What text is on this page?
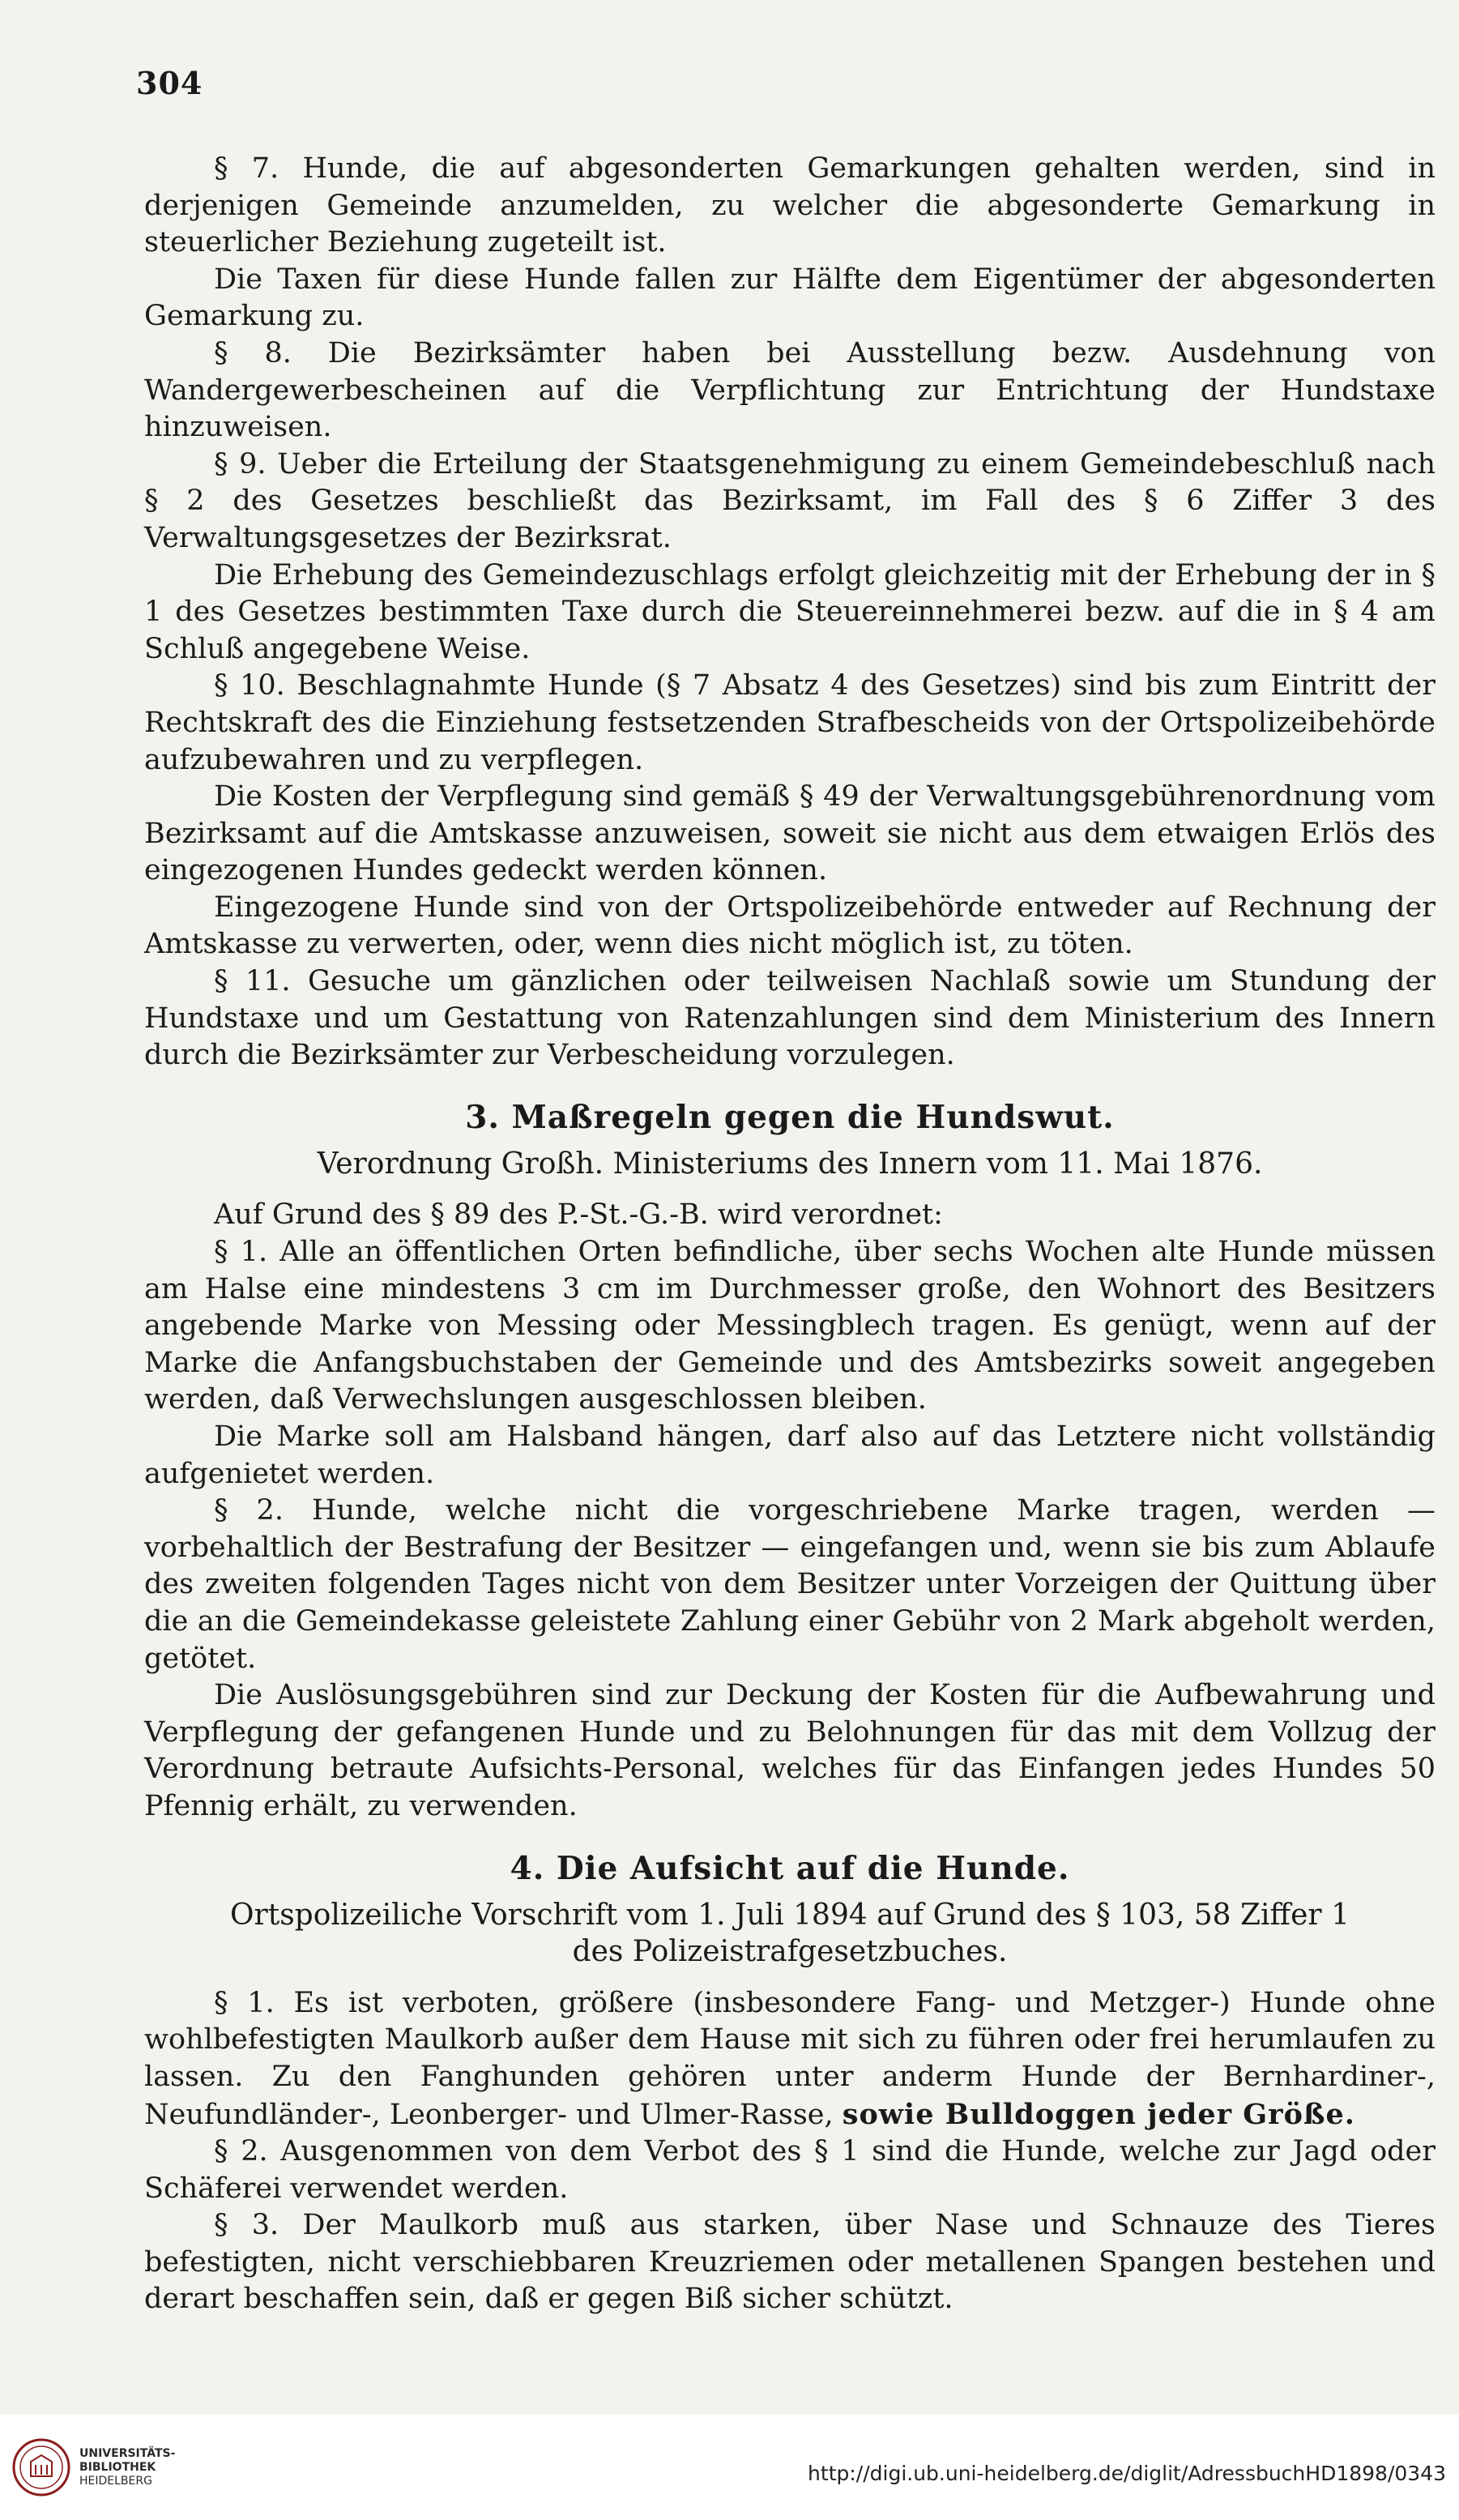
304

§ 7. Hunde, die auf abgesonderten Gemarkungen gehalten werden, sind in derjenigen Gemeinde anzumelden, zu welcher die abgesonderte Gemarkung in steuerlicher Beziehung zugeteilt ist.

Die Taxen für diese Hunde fallen zur Hälfte dem Eigentümer der abgesonderten Gemarkung zu.

§ 8. Die Bezirksämter haben bei Ausstellung bezw. Ausdehnung von Wandergewerbescheinen auf die Verpflichtung zur Entrichtung der Hundstaxe hinzuweisen.

§ 9. Ueber die Erteilung der Staatsgenehmigung zu einem Gemeindebeschluß nach § 2 des Gesetzes beschließt das Bezirksamt, im Fall des § 6 Ziffer 3 des Verwaltungsgesetzes der Bezirksrat.

Die Erhebung des Gemeindezuschlags erfolgt gleichzeitig mit der Erhebung der in § 1 des Gesetzes bestimmten Taxe durch die Steuereinnehmerei bezw. auf die in § 4 am Schluß angegebene Weise.

§ 10. Beschlagnahmte Hunde (§ 7 Absatz 4 des Gesetzes) sind bis zum Eintritt der Rechtskraft des die Einziehung festsetzenden Strafbescheids von der Ortspolizeibehörde aufzubewahren und zu verpflegen.

Die Kosten der Verpflegung sind gemäß § 49 der Verwaltungsgebührenordnung vom Bezirksamt auf die Amtskasse anzuweisen, soweit sie nicht aus dem etwaigen Erlös des eingezogenen Hundes gedeckt werden können.

Eingezogene Hunde sind von der Ortspolizeibehörde entweder auf Rechnung der Amtskasse zu verwerten, oder, wenn dies nicht möglich ist, zu töten.

§ 11. Gesuche um gänzlichen oder teilweisen Nachlaß sowie um Stundung der Hundstaxe und um Gestattung von Ratenzahlungen sind dem Ministerium des Innern durch die Bezirksämter zur Verbescheidung vorzulegen.

3. Maßregeln gegen die Hundswut.
Verordnung Großh. Ministeriums des Innern vom 11. Mai 1876.

Auf Grund des § 89 des P.-St.-G.-B. wird verordnet:

§ 1. Alle an öffentlichen Orten befindliche, über sechs Wochen alte Hunde müssen am Halse eine mindestens 3 cm im Durchmesser große, den Wohnort des Besitzers angebende Marke von Messing oder Messingblech tragen. Es genügt, wenn auf der Marke die Anfangsbuchstaben der Gemeinde und des Amtsbezirks soweit angegeben werden, daß Verwechslungen ausgeschlossen bleiben.

Die Marke soll am Halsband hängen, darf also auf das Letztere nicht vollständig aufgenietet werden.

§ 2. Hunde, welche nicht die vorgeschriebene Marke tragen, werden — vorbehaltlich der Bestrafung der Besitzer — eingefangen und, wenn sie bis zum Ablaufe des zweiten folgenden Tages nicht von dem Besitzer unter Vorzeigen der Quittung über die an die Gemeindekasse geleistete Zahlung einer Gebühr von 2 Mark abgeholt werden, getötet.

Die Auslösungsgebühren sind zur Deckung der Kosten für die Aufbewahrung und Verpflegung der gefangenen Hunde und zu Belohnungen für das mit dem Vollzug der Verordnung betraute Aufsichts-Personal, welches für das Einfangen jedes Hundes 50 Pfennig erhält, zu verwenden.

4. Die Aufsicht auf die Hunde.
Ortspolizeiliche Vorschrift vom 1. Juli 1894 auf Grund des § 103, 58 Ziffer 1
des Polizeistrafgesetzbuches.

§ 1. Es ist verboten, größere (insbesondere Fang- und Metzger-) Hunde ohne wohlbefestigten Maulkorb außer dem Hause mit sich zu führen oder frei herumlaufen zu lassen. Zu den Fanghunden gehören unter anderm Hunde der Bernhardiner-, Neufundländer-, Leonberger- und Ulmer-Rasse, sowie Bulldoggen jeder Größe.

§ 2. Ausgenommen von dem Verbot des § 1 sind die Hunde, welche zur Jagd oder Schäferei verwendet werden.

§ 3. Der Maulkorb muß aus starken, über Nase und Schnauze des Tieres befestigten, nicht verschiebbaren Kreuzriemen oder metallenen Spangen bestehen und derart beschaffen sein, daß er gegen Biß sicher schützt.

UNIVERSITÄTS-
BIBLIOTHEK
HEIDELBERG	http://digi.ub.uni-heidelberg.de/diglit/AdressbuchHD1898/0343
